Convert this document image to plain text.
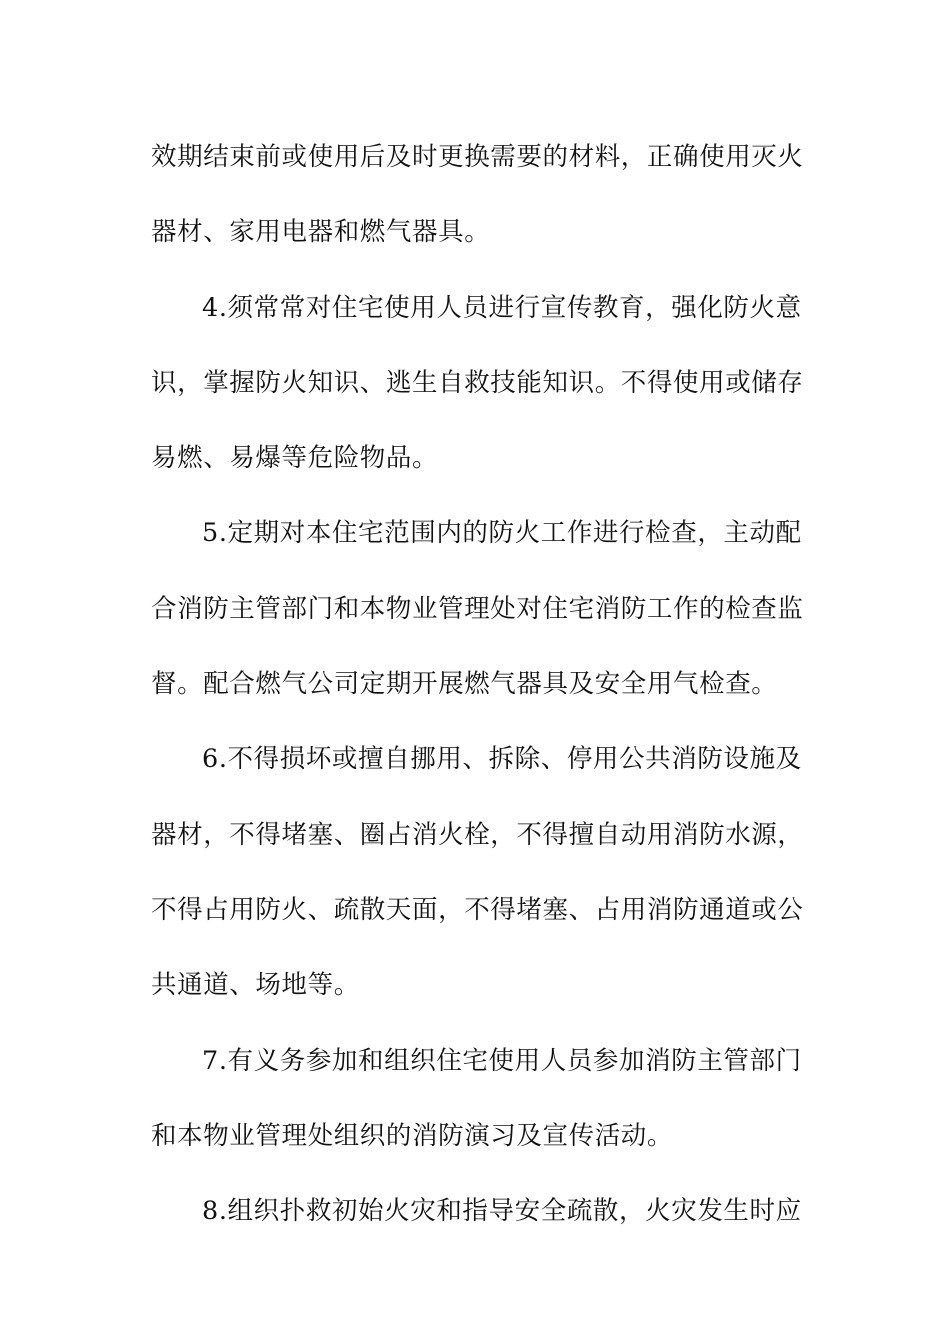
效期结束前或使用后及时更换需要的材料，正确使用灭火
器材、家用电器和燃气器具。
4.须常常对住宅使用人员进行宣传教育，强化防火意
识，掌握防火知识、逃生自救技能知识。不得使用或储存
易燃、易爆等危险物品。
5.定期对本住宅范围内的防火工作进行检查，主动配
合消防主管部门和本物业管理处对住宅消防工作的检查监
督。配合燃气公司定期开展燃气器具及安全用气检查。
6.不得损坏或擅自挪用、拆除、停用公共消防设施及
器材，不得堵塞、圈占消火栓，不得擅自动用消防水源，
不得占用防火、疏散天面，不得堵塞、占用消防通道或公
共通道、场地等。
7.有义务参加和组织住宅使用人员参加消防主管部门
和本物业管理处组织的消防演习及宣传活动。
8.组织扑救初始火灾和指导安全疏散，火灾发生时应
